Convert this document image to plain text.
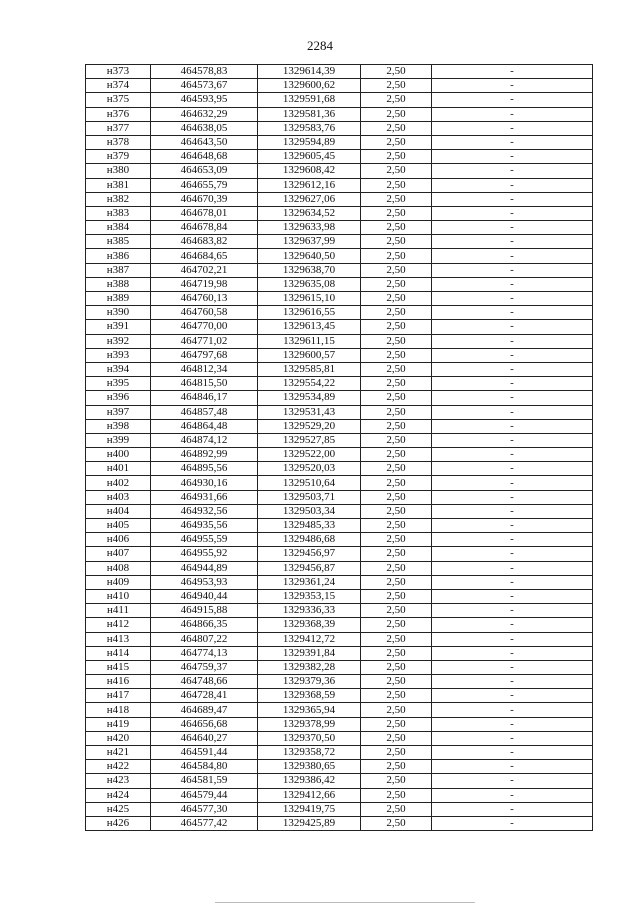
2284
н373	464578,83	1329614,39	2,50	-
н374	464573,67	1329600,62	2,50	-
н375	464593,95	1329591,68	2,50	-
н376	464632,29	1329581,36	2,50	-
н377	464638,05	1329583,76	2,50	-
н378	464643,50	1329594,89	2,50	-
н379	464648,68	1329605,45	2,50	-
н380	464653,09	1329608,42	2,50	-
н381	464655,79	1329612,16	2,50	-
н382	464670,39	1329627,06	2,50	-
н383	464678,01	1329634,52	2,50	-
н384	464678,84	1329633,98	2,50	-
н385	464683,82	1329637,99	2,50	-
н386	464684,65	1329640,50	2,50	-
н387	464702,21	1329638,70	2,50	-
н388	464719,98	1329635,08	2,50	-
н389	464760,13	1329615,10	2,50	-
н390	464760,58	1329616,55	2,50	-
н391	464770,00	1329613,45	2,50	-
н392	464771,02	1329611,15	2,50	-
н393	464797,68	1329600,57	2,50	-
н394	464812,34	1329585,81	2,50	-
н395	464815,50	1329554,22	2,50	-
н396	464846,17	1329534,89	2,50	-
н397	464857,48	1329531,43	2,50	-
н398	464864,48	1329529,20	2,50	-
н399	464874,12	1329527,85	2,50	-
н400	464892,99	1329522,00	2,50	-
н401	464895,56	1329520,03	2,50	-
н402	464930,16	1329510,64	2,50	-
н403	464931,66	1329503,71	2,50	-
н404	464932,56	1329503,34	2,50	-
н405	464935,56	1329485,33	2,50	-
н406	464955,59	1329486,68	2,50	-
н407	464955,92	1329456,97	2,50	-
н408	464944,89	1329456,87	2,50	-
н409	464953,93	1329361,24	2,50	-
н410	464940,44	1329353,15	2,50	-
н411	464915,88	1329336,33	2,50	-
н412	464866,35	1329368,39	2,50	-
н413	464807,22	1329412,72	2,50	-
н414	464774,13	1329391,84	2,50	-
н415	464759,37	1329382,28	2,50	-
н416	464748,66	1329379,36	2,50	-
н417	464728,41	1329368,59	2,50	-
н418	464689,47	1329365,94	2,50	-
н419	464656,68	1329378,99	2,50	-
н420	464640,27	1329370,50	2,50	-
н421	464591,44	1329358,72	2,50	-
н422	464584,80	1329380,65	2,50	-
н423	464581,59	1329386,42	2,50	-
н424	464579,44	1329412,66	2,50	-
н425	464577,30	1329419,75	2,50	-
н426	464577,42	1329425,89	2,50	-
